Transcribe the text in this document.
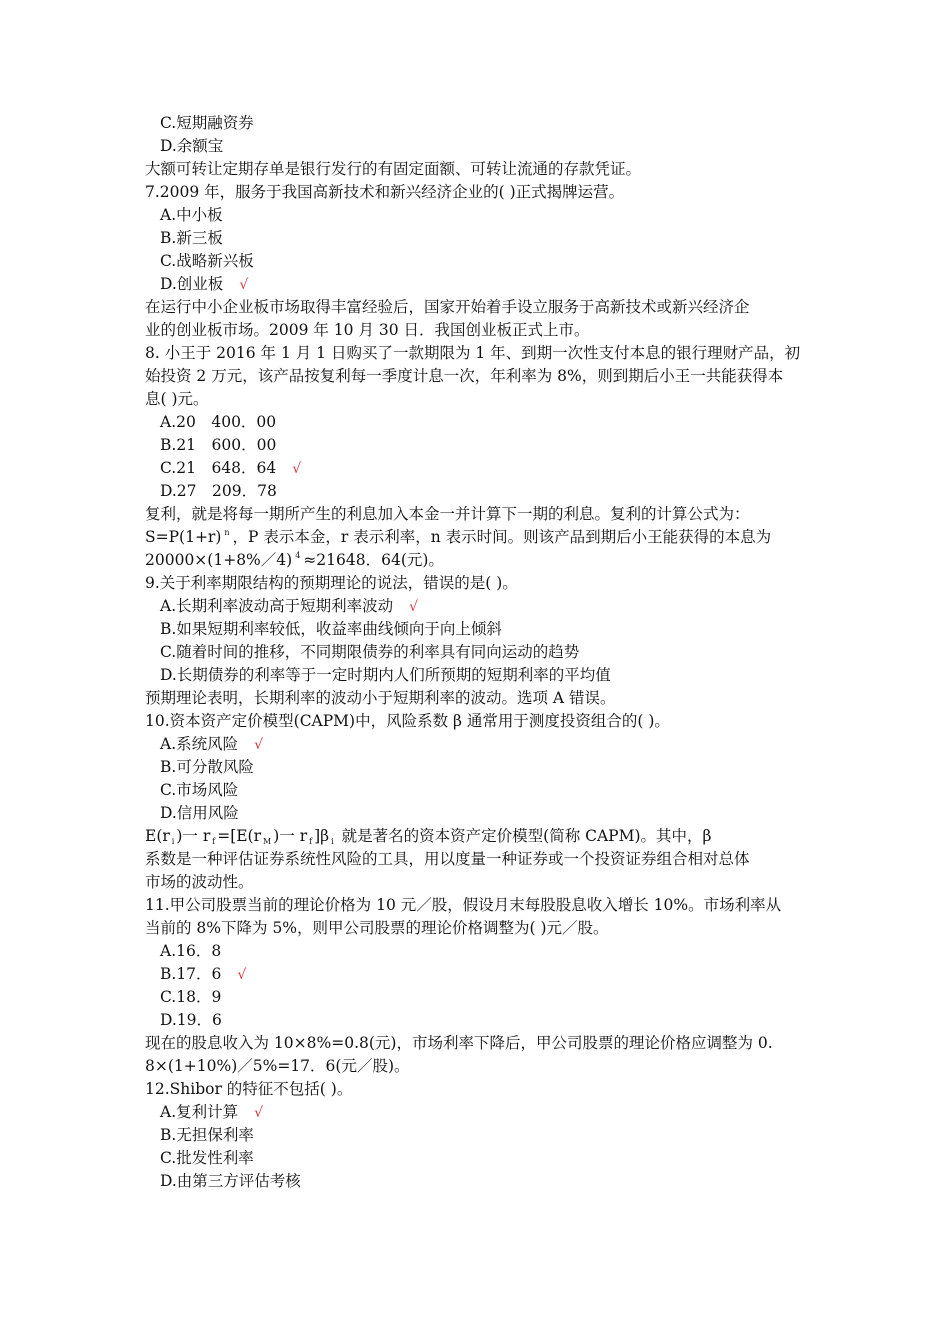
C.短期融资券
D.余额宝
大额可转让定期存单是银行发行的有固定面额、可转让流通的存款凭证。
7.2009 年，服务于我国高新技术和新兴经济企业的( )正式揭牌运营。
A.中小板
B.新三板
C.战略新兴板
D.创业板 √
在运行中小企业板市场取得丰富经验后，国家开始着手设立服务于高新技术或新兴经济企
业的创业板市场。2009 年 10 月 30 日．我国创业板正式上市。
8. 小王于 2016 年 1 月 1 日购买了一款期限为 1 年、到期一次性支付本息的银行理财产品，初
始投资 2 万元，该产品按复利每一季度计息一次，年利率为 8%，则到期后小王一共能获得本
息( )元。
A.20　400．00
B.21　600．00
C.21　648．64 √
D.27　209．78
复利，就是将每一期所产生的利息加入本金一并计算下一期的利息。复利的计算公式为：
S=P(1+r) $^n$ ，P 表示本金，r 表示利率，n 表示时间。则该产品到期后小王能获得的本息为
20000×(1+8%／4) $^4$ ≈21648．64(元)。
9.关于利率期限结构的预期理论的说法，错误的是( )。
A.长期利率波动高于短期利率波动 √
B.如果短期利率较低，收益率曲线倾向于向上倾斜
C.随着时间的推移，不同期限债券的利率具有同向运动的趋势
D.长期债券的利率等于一定时期内人们所预期的短期利率的平均值
预期理论表明，长期利率的波动小于短期利率的波动。选项 A 错误。
10.资本资产定价模型(CAPM)中，风险系数 β 通常用于测度投资组合的( )。
A.系统风险 √
B.可分散风险
C.市场风险
D.信用风险
E(r i )一 r f =[E(r M )一 r f ]β i 就是著名的资本资产定价模型(简称 CAPM)。其中，β
系数是一种评估证券系统性风险的工具，用以度量一种证券或一个投资证券组合相对总体
市场的波动性。
11.甲公司股票当前的理论价格为 10 元／股，假设月末每股股息收入增长 10%。市场利率从
当前的 8%下降为 5%，则甲公司股票的理论价格调整为( )元／股。
A.16．8
B.17．6 √
C.18．9
D.19．6
现在的股息收入为 10×8%=0.8(元)，市场利率下降后，甲公司股票的理论价格应调整为 0.
8×(1+10%)／5%=17．6(元／股)。
12.Shibor 的特征不包括( )。
A.复利计算 √
B.无担保利率
C.批发性利率
D.由第三方评估考核
